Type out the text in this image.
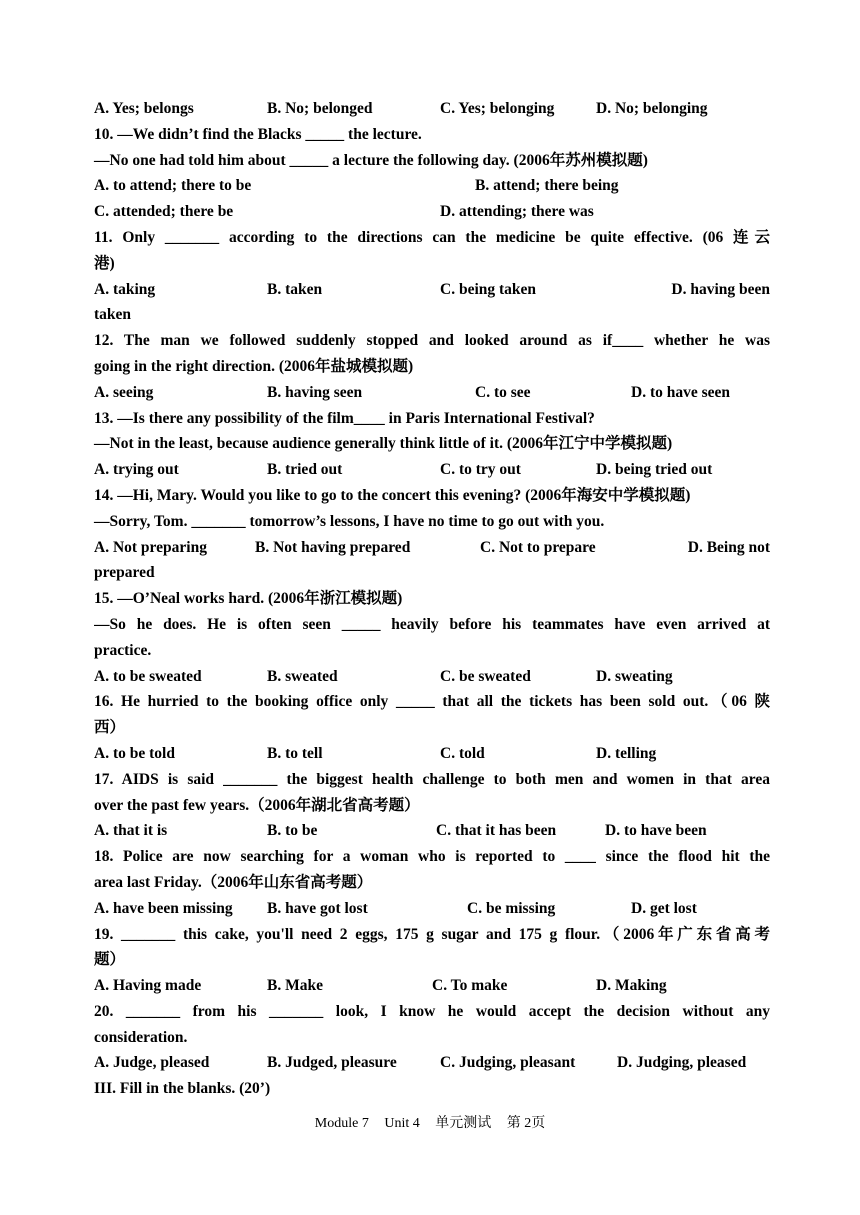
A. Yes; belongs	B. No; belonged	C. Yes; belonging	D. No; belonging
10. —We didn’t find the Blacks _____ the lecture.
—No one had told him about _____ a lecture the following day. (2006年苏州模拟题)
A. to attend; there to be	B. attend; there being
C. attended; there be	D. attending; there was
11. Only _______ according to the directions can the medicine be quite effective. (06 连云
港)
A. taking	B. taken	C. being taken	D. having been
taken
12. The man we followed suddenly stopped and looked around as if____ whether he was
going in the right direction. (2006年盐城模拟题)
A. seeing	B. having seen	C. to see	D. to have seen
13. —Is there any possibility of the film____ in Paris International Festival?
—Not in the least, because audience generally think little of it. (2006年江宁中学模拟题)
A. trying out	B. tried out	C. to try out	D. being tried out
14. —Hi, Mary. Would you like to go to the concert this evening? (2006年海安中学模拟题)
—Sorry, Tom. _______ tomorrow’s lessons, I have no time to go out with you.
A. Not preparing	B. Not having prepared	C. Not to prepare	D. Being not
prepared
15. —O’Neal works hard. (2006年浙江模拟题)
—So he does. He is often seen _____ heavily before his teammates have even arrived at
practice.
A. to be sweated	B. sweated	C. be sweated	D. sweating
16. He hurried to the booking office only _____ that all the tickets has been sold out.（06 陕
西）
A. to be told	B. to tell	C. told	D. telling
17. AIDS is said _______ the biggest health challenge to both men and women in that area
over the past few years.（2006年湖北省高考题）
A. that it is	B. to be	C. that it has been	D. to have been
18. Police are now searching for a woman who is reported to ____ since the flood hit the
area last Friday.（2006年山东省高考题）
A. have been missing B. have got lost	C. be missing	D. get lost
19. _______ this cake, you'll need 2 eggs, 175 g sugar and 175 g flour.（2006年广东省高考
题）
A. Having made	B. Make	C. To make	D. Making
20. _______ from his _______ look, I know he would accept the decision without any
consideration.
A. Judge, pleased	B. Judged, pleasure	C. Judging, pleasant	D. Judging, pleased
III. Fill in the blanks. (20’)
Module 7 Unit 4 单元测试 第 2页
